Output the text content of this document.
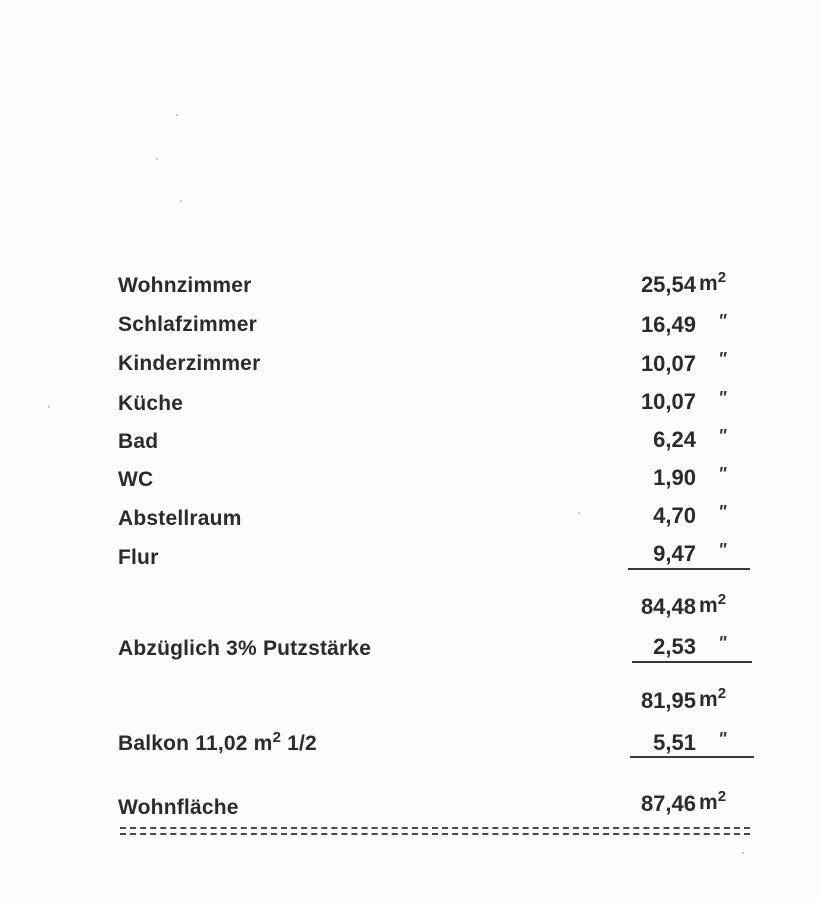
Wohnzimmer	25,54 $m^2$
Schlafzimmer	16,49 "
Kinderzimmer	10,07 "
Küche	10,07 "
Bad	6,24 "
WC	1,90 "
Abstellraum	4,70 "
Flur	9,47 "
84,48 $m^2$
Abzüglich 3% Putzstärke	2,53 "
81,95 $m^2$
Balkon 11,02 $m^2$ 1/2	5,51 "
Wohnfläche	87,46 $m^2$
